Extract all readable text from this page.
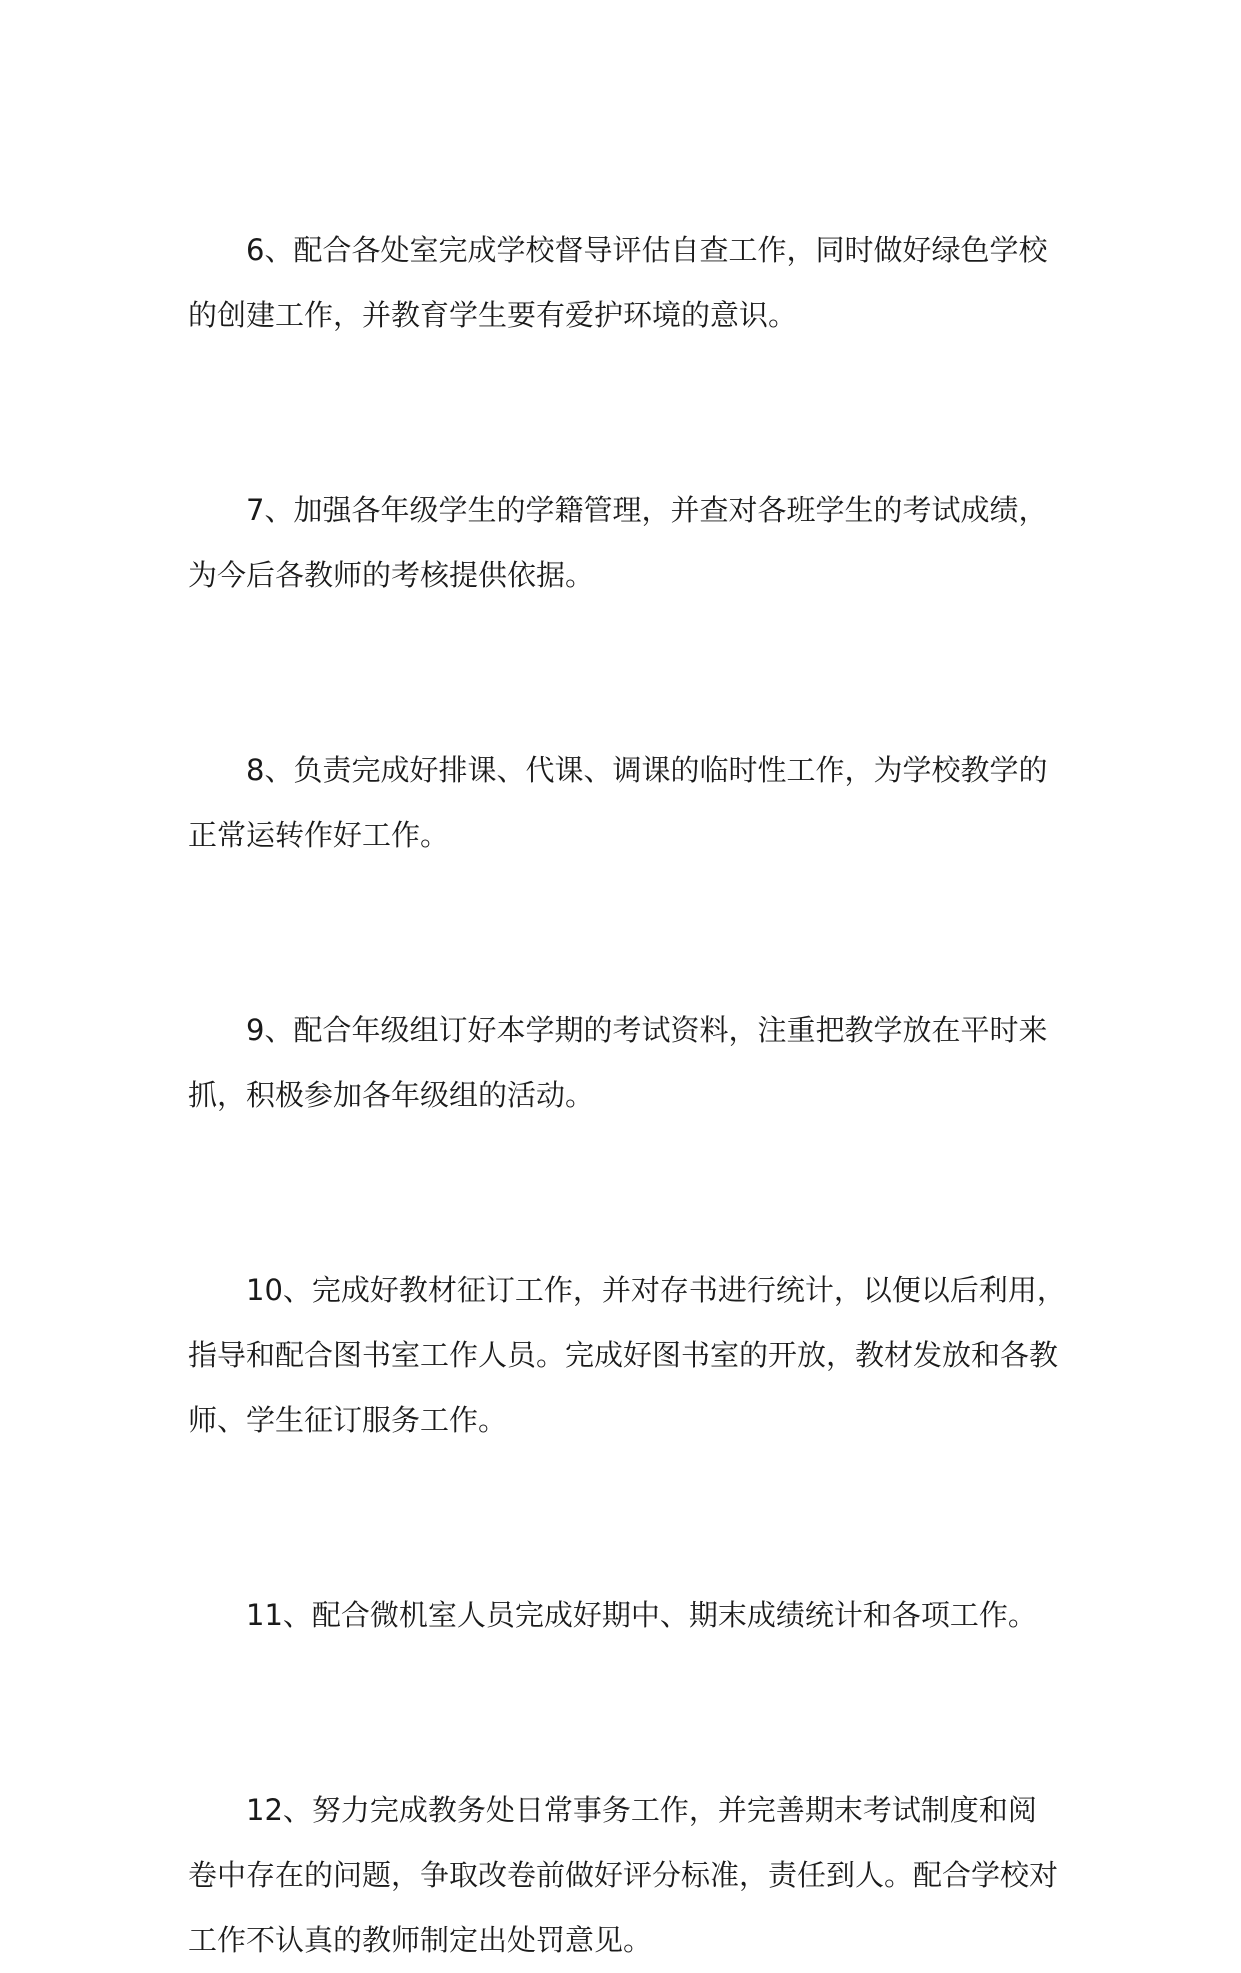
6、配合各处室完成学校督导评估自查工作，同时做好绿色学校
的创建工作，并教育学生要有爱护环境的意识。

7、加强各年级学生的学籍管理，并查对各班学生的考试成绩，
为今后各教师的考核提供依据。

8、负责完成好排课、代课、调课的临时性工作，为学校教学的
正常运转作好工作。

9、配合年级组订好本学期的考试资料，注重把教学放在平时来
抓，积极参加各年级组的活动。

10、完成好教材征订工作，并对存书进行统计，以便以后利用，
指导和配合图书室工作人员。完成好图书室的开放，教材发放和各教
师、学生征订服务工作。

11、配合微机室人员完成好期中、期末成绩统计和各项工作。

12、努力完成教务处日常事务工作，并完善期末考试制度和阅
卷中存在的问题，争取改卷前做好评分标准，责任到人。配合学校对
工作不认真的教师制定出处罚意见。
